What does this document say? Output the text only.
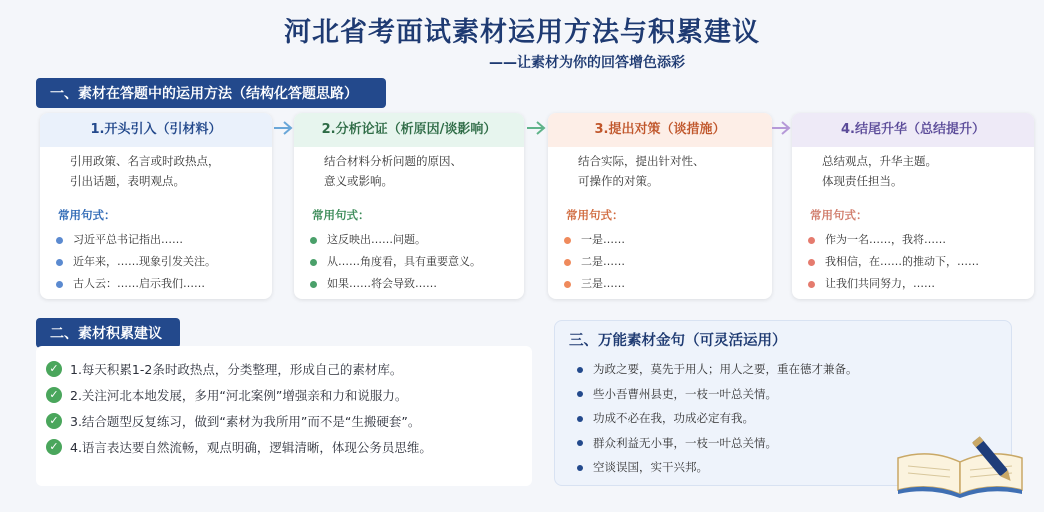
河北省考面试素材运用方法与积累建议
——让素材为你的回答增色添彩
一、素材在答题中的运用方法（结构化答题思路）
1.开头引入（引材料）
引用政策、名言或时政热点，
引出话题，表明观点。
常用句式：
习近平总书记指出……
近年来，……现象引发关注。
古人云：……启示我们……
2.分析论证（析原因/谈影响）
结合材料分析问题的原因、
意义或影响。
常用句式：
这反映出……问题。
从……角度看，具有重要意义。
如果……将会导致……
3.提出对策（谈措施）
结合实际，提出针对性、
可操作的对策。
常用句式：
一是……
二是……
三是……
4.结尾升华（总结提升）
总结观点，升华主题。
体现责任担当。
常用句式：
作为一名……，我将……
我相信，在……的推动下，……
让我们共同努力，……
二、素材积累建议
✓ 1.每天积累1-2条时政热点，分类整理，形成自己的素材库。
✓ 2.关注河北本地发展，多用“河北案例”增强亲和力和说服力。
✓ 3.结合题型反复练习，做到“素材为我所用”而不是“生搬硬套”。
✓ 4.语言表达要自然流畅，观点明确，逻辑清晰，体现公务员思维。
三、万能素材金句（可灵活运用）
为政之要，莫先于用人；用人之要，重在德才兼备。
些小吾曹州县吏，一枝一叶总关情。
功成不必在我，功成必定有我。
群众利益无小事，一枝一叶总关情。
空谈误国，实干兴邦。
